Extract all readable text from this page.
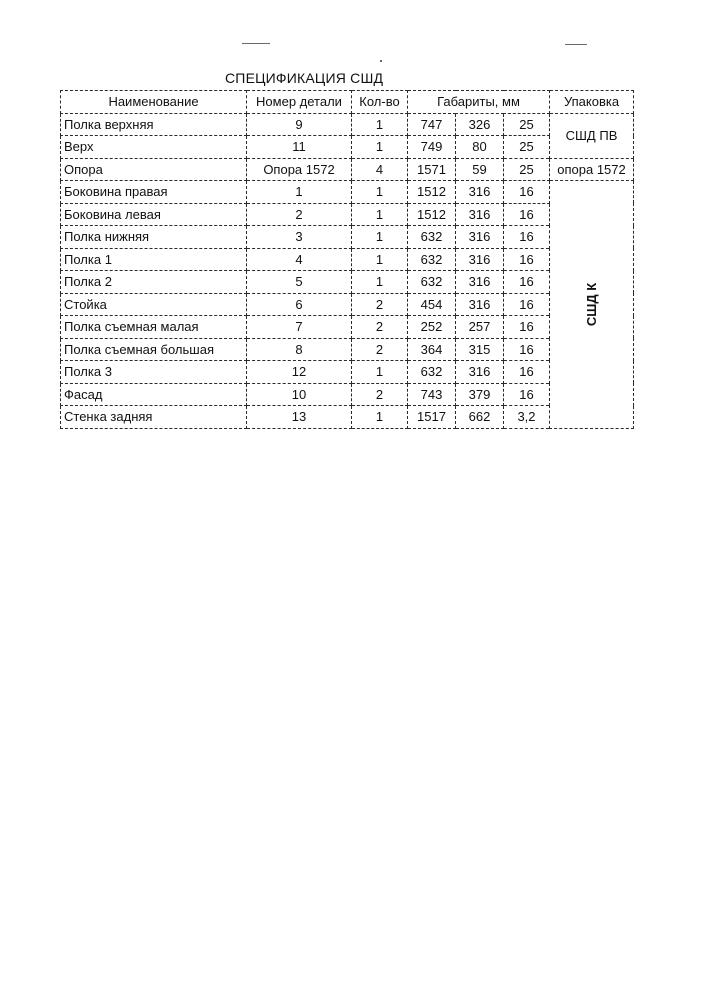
СПЕЦИФИКАЦИЯ СШД
Наименование	Номер детали	Кол-во	Габариты, мм			Упаковка
Полка верхняя	9	1	747	326	25	СШД ПВ
Верх	11	1	749	80	25	
Опора	Опора 1572	4	1571	59	25	опора 1572
Боковина правая	1	1	1512	316	16	СШД К
Боковина левая	2	1	1512	316	16	
Полка нижняя	3	1	632	316	16	
Полка 1	4	1	632	316	16	
Полка 2	5	1	632	316	16	
Стойка	6	2	454	316	16	
Полка съемная малая	7	2	252	257	16	
Полка съемная большая	8	2	364	315	16	
Полка 3	12	1	632	316	16	
Фасад	10	2	743	379	16	
Стенка задняя	13	1	1517	662	3,2	
